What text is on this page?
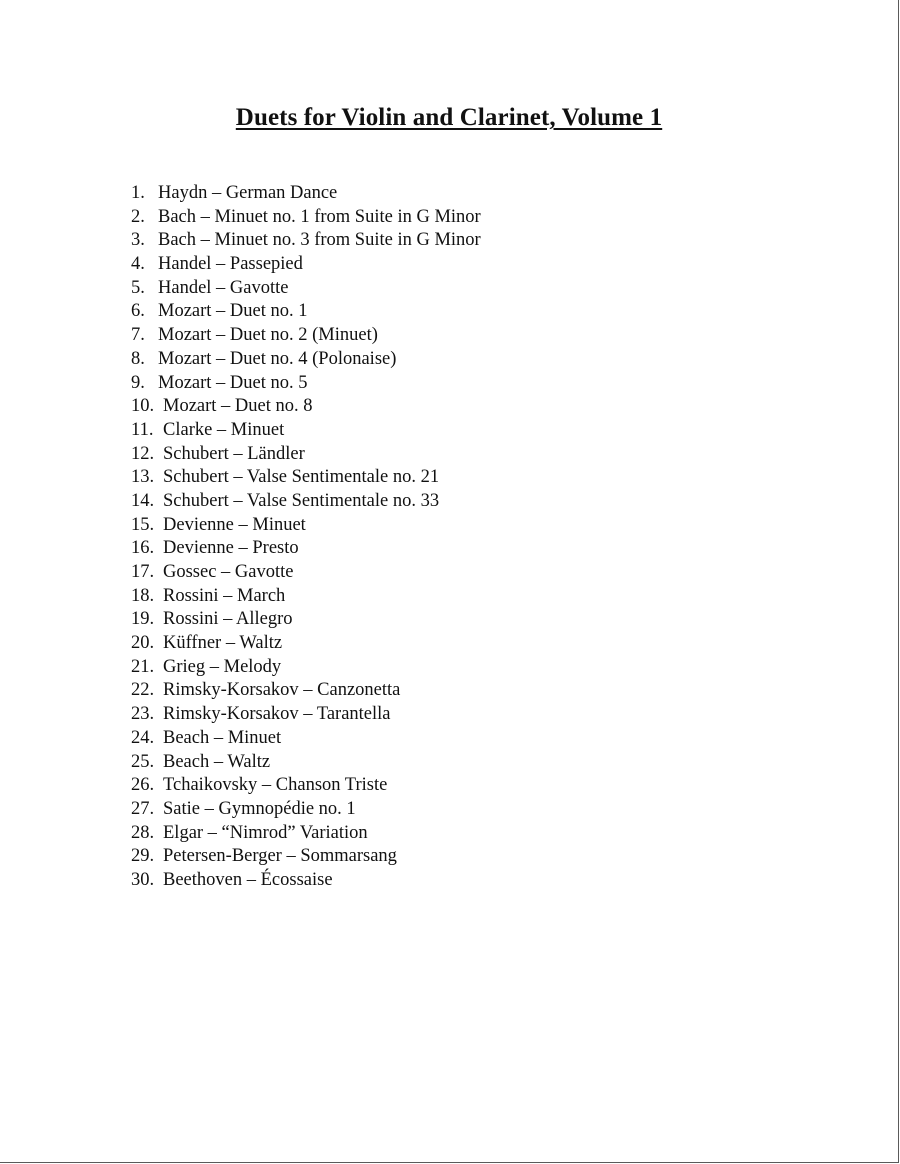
Duets for Violin and Clarinet, Volume 1
1. Haydn – German Dance
2. Bach – Minuet no. 1 from Suite in G Minor
3. Bach – Minuet no. 3 from Suite in G Minor
4. Handel – Passepied
5. Handel – Gavotte
6. Mozart – Duet no. 1
7. Mozart – Duet no. 2 (Minuet)
8. Mozart – Duet no. 4 (Polonaise)
9. Mozart – Duet no. 5
10. Mozart – Duet no. 8
11. Clarke – Minuet
12. Schubert – Ländler
13. Schubert – Valse Sentimentale no. 21
14. Schubert – Valse Sentimentale no. 33
15. Devienne – Minuet
16. Devienne – Presto
17. Gossec – Gavotte
18. Rossini – March
19. Rossini – Allegro
20. Küffner – Waltz
21. Grieg – Melody
22. Rimsky-Korsakov – Canzonetta
23. Rimsky-Korsakov – Tarantella
24. Beach – Minuet
25. Beach – Waltz
26. Tchaikovsky – Chanson Triste
27. Satie – Gymnopédie no. 1
28. Elgar – “Nimrod” Variation
29. Petersen-Berger – Sommarsang
30. Beethoven – Écossaise
